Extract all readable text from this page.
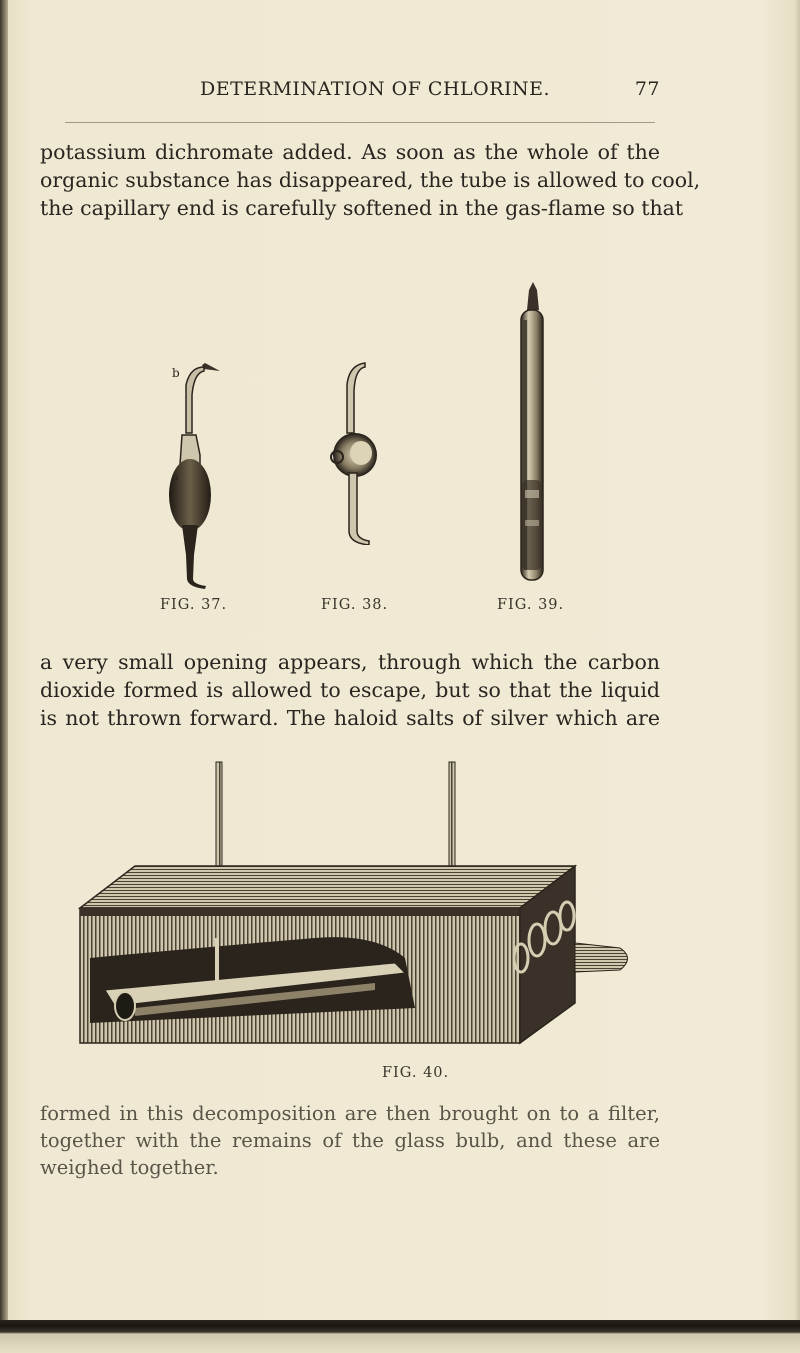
DETERMINATION OF CHLORINE.	77
potassium dichromate added. As soon as the whole of the
organic substance has disappeared, the tube is allowed to cool,
the capillary end is carefully softened in the gas-flame so that
b
a
FIG. 37.	FIG. 38.	FIG. 39.
a very small opening appears, through which the carbon
dioxide formed is allowed to escape, but so that the liquid
is not thrown forward. The haloid salts of silver which are
FIG. 40.
formed in this decomposition are then brought on to a filter,
together with the remains of the glass bulb, and these are
weighed together.
